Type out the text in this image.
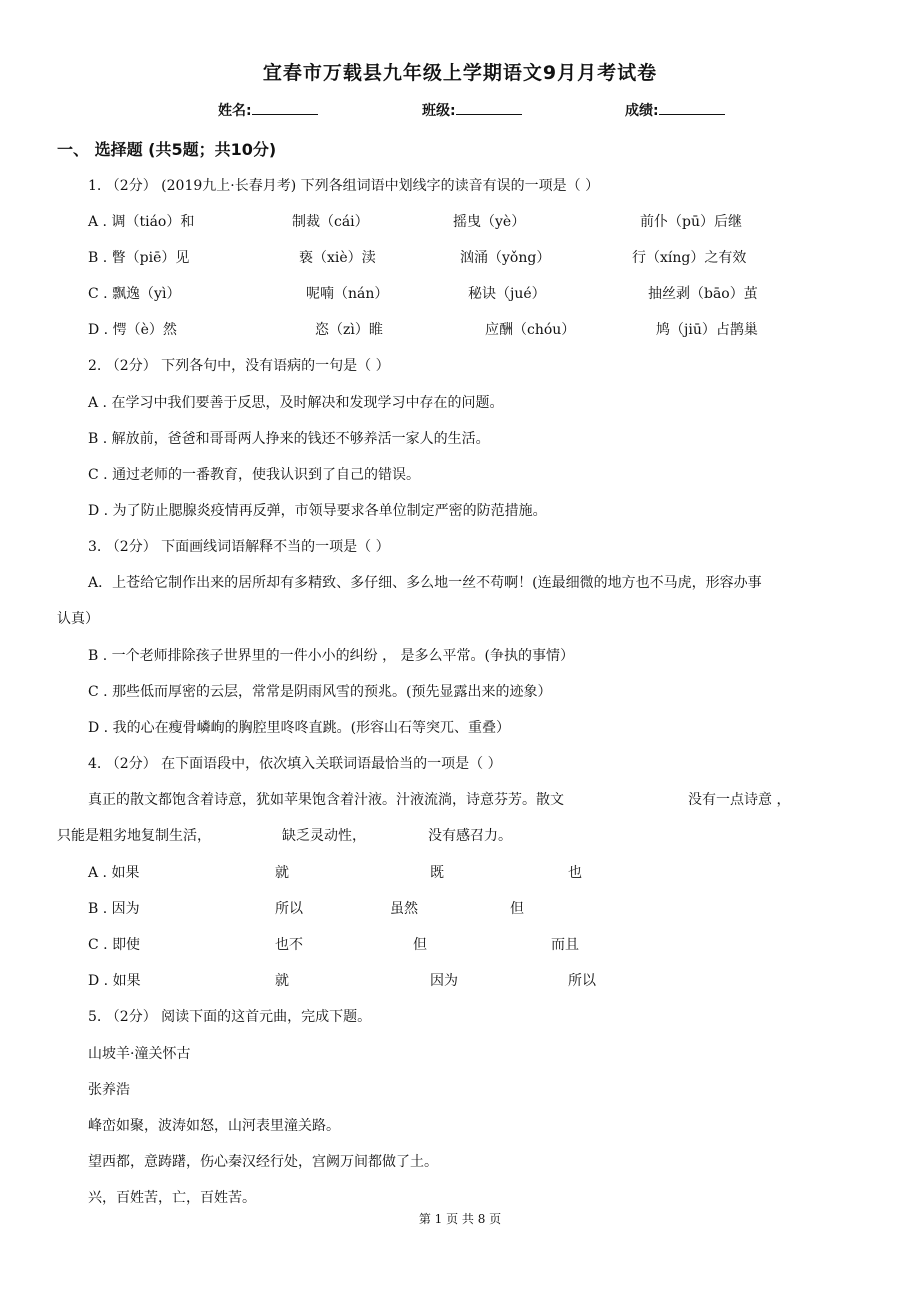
宜春市万载县九年级上学期语文9月月考试卷
姓名:	班级:	成绩:
一、 选择题 (共5题；共10分)
1. （2分） (2019九上·长春月考) 下列各组词语中划线字的读音有误的一项是（ ）
A . 调（tiáo）和	制裁（cái）	摇曳（yè）	前仆（pū）后继
B . 瞥（piē）见	亵（xiè）渎	汹涌（yǒng）	行（xíng）之有效
C . 飘逸（yì）	呢喃（nán）	秘诀（jué）	抽丝剥（bāo）茧
D . 愕（è）然	恣（zì）睢	应酬（chóu）	鸠（jiū）占鹊巢
2. （2分） 下列各句中，没有语病的一句是（ ）
A . 在学习中我们要善于反思，及时解决和发现学习中存在的问题。
B . 解放前，爸爸和哥哥两人挣来的钱还不够养活一家人的生活。
C . 通过老师的一番教育，使我认识到了自己的错误。
D . 为了防止腮腺炎疫情再反弹，市领导要求各单位制定严密的防范措施。
3. （2分） 下面画线词语解释不当的一项是（ ）
A．上苍给它制作出来的居所却有多精致、多仔细、多么地一丝不苟啊！(连最细微的地方也不马虎，形容办事
认真）
B . 一个老师排除孩子世界里的一件小小的纠纷 ， 是多么平常。(争执的事情）
C . 那些低而厚密的云层，常常是阴雨风雪的预兆。(预先显露出来的迹象）
D . 我的心在瘦骨嶙峋的胸腔里咚咚直跳。(形容山石等突兀、重叠）
4. （2分） 在下面语段中，依次填入关联词语最恰当的一项是（ ）
真正的散文都饱含着诗意，犹如苹果饱含着汁液。汁液流淌，诗意芬芳。散文	没有一点诗意 ，
只能是粗劣地复制生活，	缺乏灵动性，	没有感召力。
A . 如果	就	既	也
B . 因为	所以	虽然	但
C . 即使	也不	但	而且
D . 如果	就	因为	所以
5. （2分） 阅读下面的这首元曲，完成下题。
山坡羊·潼关怀古
张养浩
峰峦如聚，波涛如怒，山河表里潼关路。
望西都，意踌躇，伤心秦汉经行处，宫阙万间都做了土。
兴，百姓苦，亡，百姓苦。
第 1 页 共 8 页
